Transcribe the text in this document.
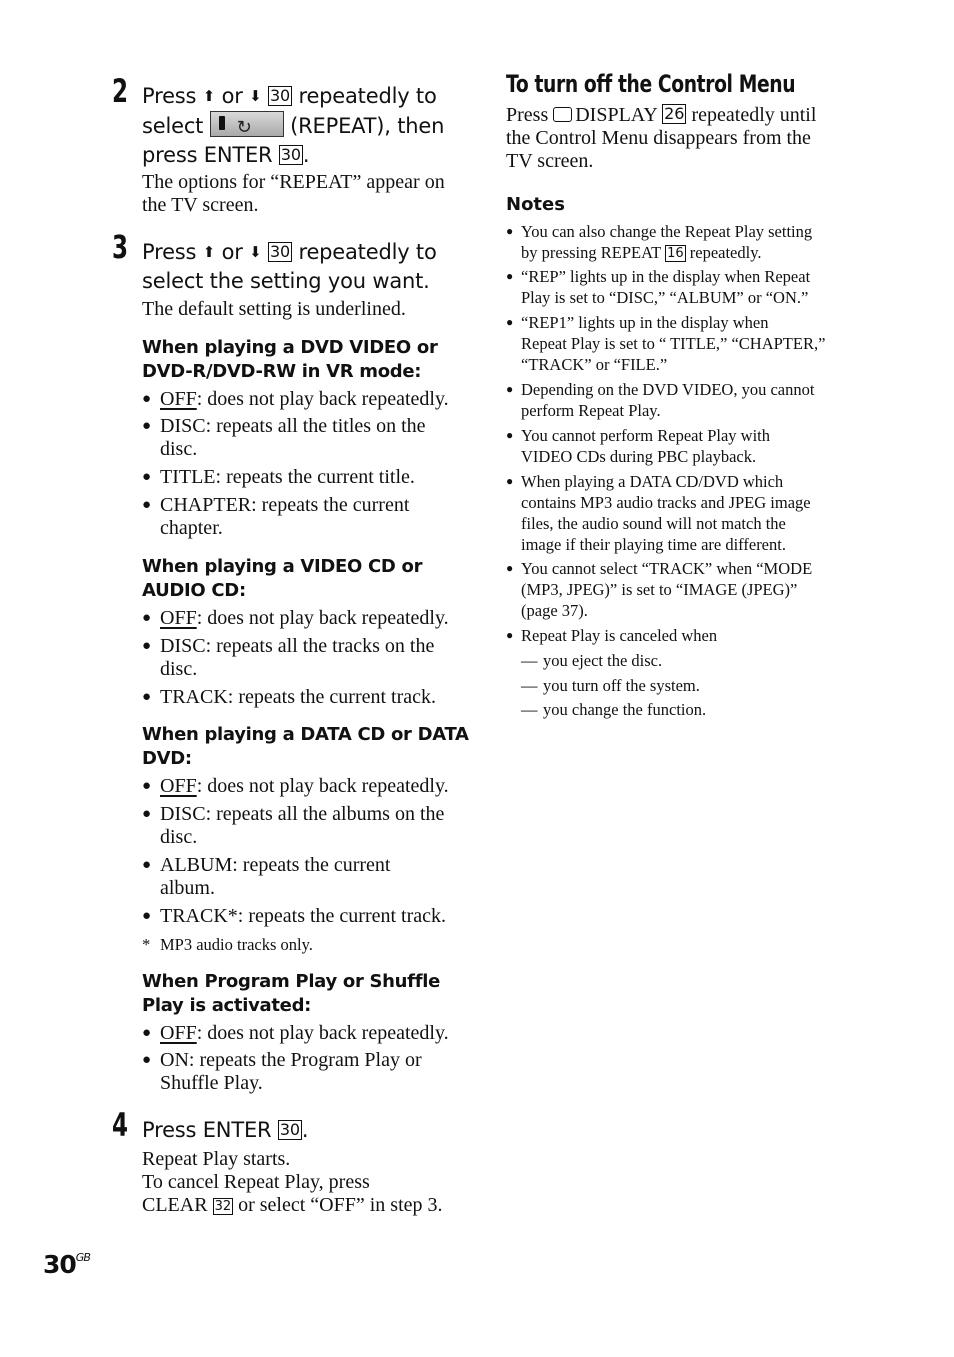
2 Press ⬆ or ⬇ 30 repeatedly to
select ↻ (REPEAT), then
press ENTER 30.
The options for “REPEAT” appear on
the TV screen.
3 Press ⬆ or ⬇ 30 repeatedly to
select the setting you want.
The default setting is underlined.
When playing a DVD VIDEO or
DVD-R/DVD-RW in VR mode:
● OFF: does not play back repeatedly.
● DISC: repeats all the titles on the
disc.
● TITLE: repeats the current title.
● CHAPTER: repeats the current
chapter.
When playing a VIDEO CD or
AUDIO CD:
● OFF: does not play back repeatedly.
● DISC: repeats all the tracks on the
disc.
● TRACK: repeats the current track.
When playing a DATA CD or DATA
DVD:
● OFF: does not play back repeatedly.
● DISC: repeats all the albums on the
disc.
● ALBUM: repeats the current
album.
● TRACK*: repeats the current track.
* MP3 audio tracks only.
When Program Play or Shuffle
Play is activated:
● OFF: does not play back repeatedly.
● ON: repeats the Program Play or
Shuffle Play.
4 Press ENTER 30.
Repeat Play starts.
To cancel Repeat Play, press
CLEAR 32 or select “OFF” in step 3.
$30^{GB}$
To turn off the Control Menu
Press DISPLAY 26 repeatedly until
the Control Menu disappears from the
TV screen.
Notes
● You can also change the Repeat Play setting
by pressing REPEAT 16 repeatedly.
● “REP” lights up in the display when Repeat
Play is set to “DISC,” “ALBUM” or “ON.”
● “REP1” lights up in the display when
Repeat Play is set to “ TITLE,” “CHAPTER,”
“TRACK” or “FILE.”
● Depending on the DVD VIDEO, you cannot
perform Repeat Play.
● You cannot perform Repeat Play with
VIDEO CDs during PBC playback.
● When playing a DATA CD/DVD which
contains MP3 audio tracks and JPEG image
files, the audio sound will not match the
image if their playing time are different.
● You cannot select “TRACK” when “MODE
(MP3, JPEG)” is set to “IMAGE (JPEG)”
(page 37).
● Repeat Play is canceled when
— you eject the disc.
— you turn off the system.
— you change the function.
